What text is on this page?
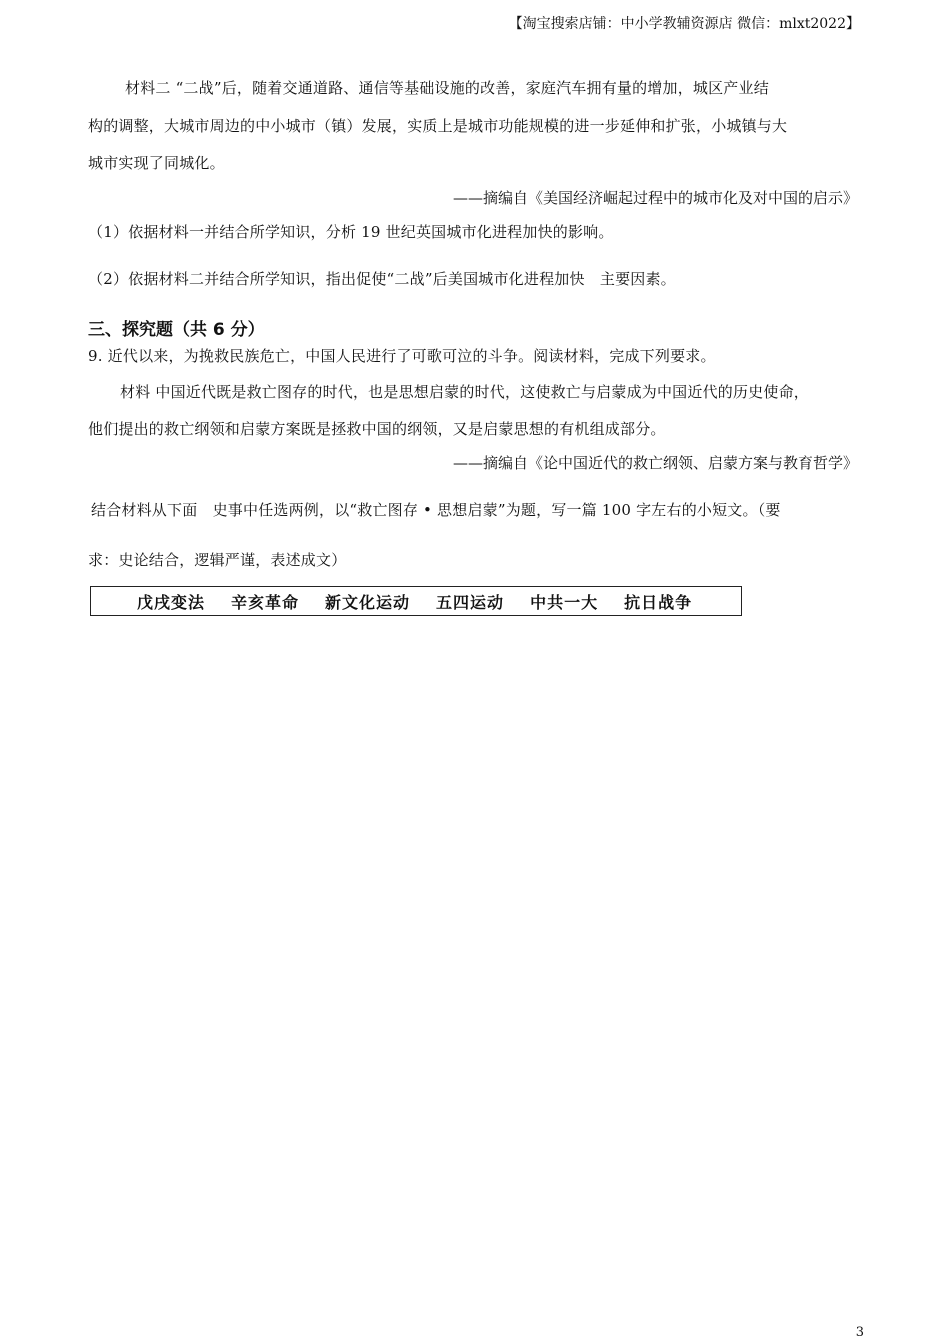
【淘宝搜索店铺：中小学教辅资源店 微信：mlxt2022】
材料二 “二战”后，随着交通道路、通信等基础设施的改善，家庭汽车拥有量的增加，城区产业结
构的调整，大城市周边的中小城市（镇）发展，实质上是城市功能规模的进一步延伸和扩张，小城镇与大
城市实现了同城化。
——摘编自《美国经济崛起过程中的城市化及对中国的启示》
（1）依据材料一并结合所学知识，分析 19 世纪英国城市化进程加快的影响。
（2）依据材料二并结合所学知识，指出促使“二战”后美国城市化进程加快　主要因素。
三、探究题（共 6 分）
9. 近代以来，为挽救民族危亡，中国人民进行了可歌可泣的斗争。阅读材料，完成下列要求。
材料 中国近代既是救亡图存的时代，也是思想启蒙的时代，这使救亡与启蒙成为中国近代的历史使命，
他们提出的救亡纲领和启蒙方案既是拯救中国的纲领，又是启蒙思想的有机组成部分。
——摘编自《论中国近代的救亡纲领、启蒙方案与教育哲学》
结合材料从下面　史事中任选两例，以“救亡图存 • 思想启蒙”为题，写一篇 100 字左右的小短文。（要
求：史论结合，逻辑严谨，表述成文）
戊戌变法 辛亥革命 新文化运动 五四运动 中共一大 抗日战争
3
